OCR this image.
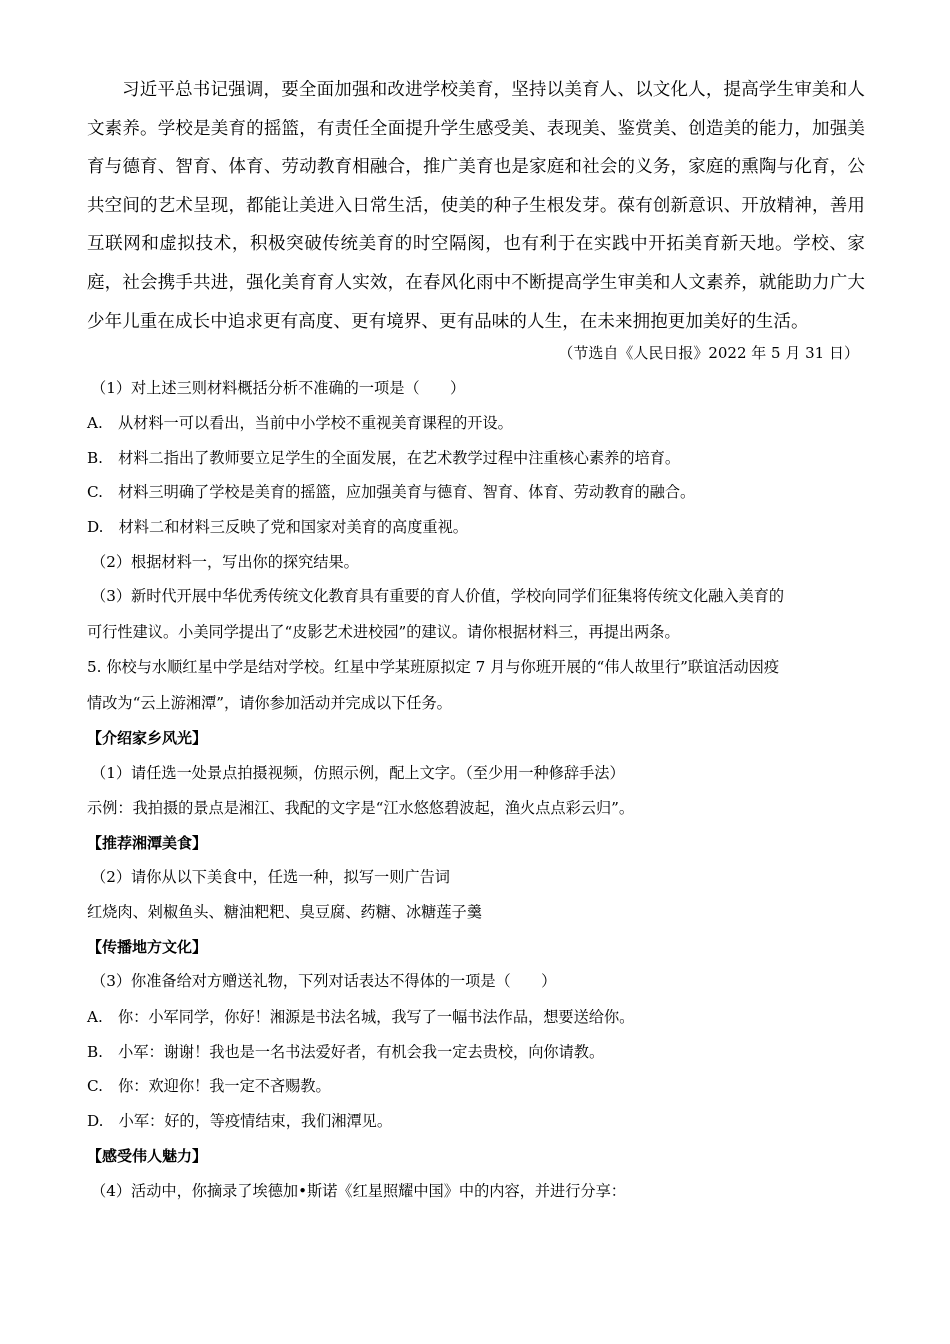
习近平总书记强调，要全面加强和改进学校美育，坚持以美育人、以文化人，提高学生审美和人文素养。学校是美育的摇篮，有责任全面提升学生感受美、表现美、鉴赏美、创造美的能力，加强美育与德育、智育、体育、劳动教育相融合，推广美育也是家庭和社会的义务，家庭的熏陶与化育，公共空间的艺术呈现，都能让美进入日常生活，使美的种子生根发芽。葆有创新意识、开放精神，善用互联网和虚拟技术，积极突破传统美育的时空隔阂，也有利于在实践中开拓美育新天地。学校、家庭，社会携手共进，强化美育育人实效，在春风化雨中不断提高学生审美和人文素养，就能助力广大少年儿重在成长中追求更有高度、更有境界、更有品味的人生，在未来拥抱更加美好的生活。

（节选自《人民日报》2022 年 5 月 31 日）
（1）对上述三则材料概括分析不准确的一项是（　　）
A.　从材料一可以看出，当前中小学校不重视美育课程的开设。
B.　材料二指出了教师要立足学生的全面发展，在艺术教学过程中注重核心素养的培育。
C.　材料三明确了学校是美育的摇篮，应加强美育与德育、智育、体育、劳动教育的融合。
D.　材料二和材料三反映了党和国家对美育的高度重视。
（2）根据材料一，写出你的探究结果。
（3）新时代开展中华优秀传统文化教育具有重要的育人价值，学校向同学们征集将传统文化融入美育的
可行性建议。小美同学提出了“皮影艺术进校园”的建议。请你根据材料三，再提出两条。
5. 你校与水顺红星中学是结对学校。红星中学某班原拟定 7 月与你班开展的“伟人故里行”联谊活动因疫
情改为“云上游湘潭”，请你参加活动并完成以下任务。
【介绍家乡风光】
（1）请任选一处景点拍摄视频，仿照示例，配上文字。（至少用一种修辞手法）
示例：我拍摄的景点是湘江、我配的文字是“江水悠悠碧波起，渔火点点彩云归”。
【推荐湘潭美食】
（2）请你从以下美食中，任选一种，拟写一则广告词
红烧肉、剁椒鱼头、糖油粑粑、臭豆腐、药糖、冰糖莲子羹
【传播地方文化】
（3）你准备给对方赠送礼物，下列对话表达不得体的一项是（　　）
A.　你：小军同学，你好！湘源是书法名城，我写了一幅书法作品，想要送给你。
B.　小军：谢谢！我也是一名书法爱好者，有机会我一定去贵校，向你请教。
C.　你：欢迎你！我一定不吝赐教。
D.　小军：好的，等疫情结束，我们湘潭见。
【感受伟人魅力】
（4）活动中，你摘录了埃德加•斯诺《红星照耀中国》中的内容，并进行分享：
